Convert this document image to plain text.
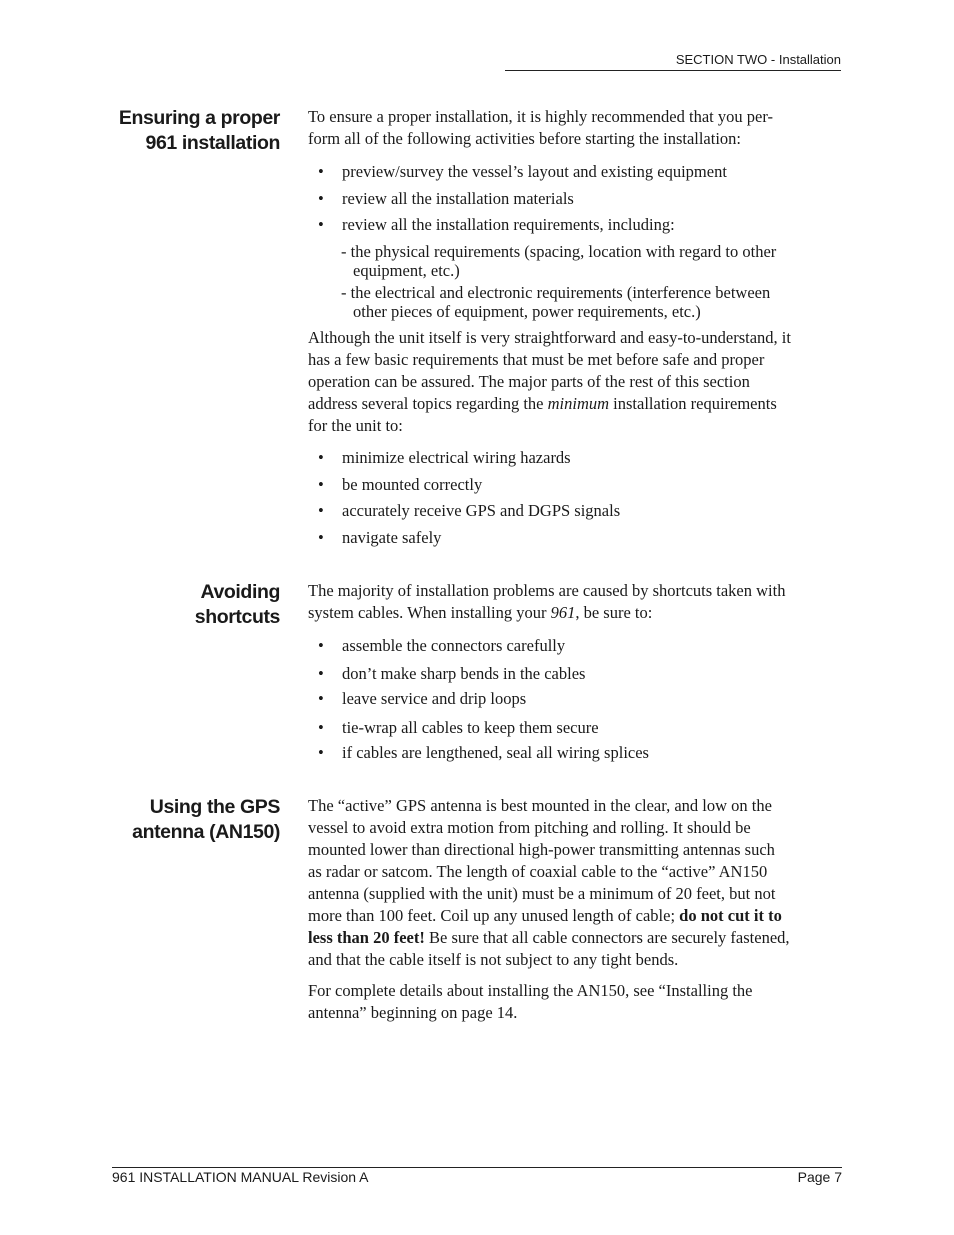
SECTION TWO - Installation
Ensuring a proper
961 installation

To ensure a proper installation, it is highly recommended that you per-
form all of the following activities before starting the installation:

• preview/survey the vessel’s layout and existing equipment
• review all the installation materials
• review all the installation requirements, including:
- the physical requirements (spacing, location with regard to other
equipment, etc.)
- the electrical and electronic requirements (interference between
other pieces of equipment, power requirements, etc.)

Although the unit itself is very straightforward and easy-to-understand, it
has a few basic requirements that must be met before safe and proper
operation can be assured. The major parts of the rest of this section
address several topics regarding the minimum installation requirements
for the unit to:

• minimize electrical wiring hazards
• be mounted correctly
• accurately receive GPS and DGPS signals
• navigate safely
Avoiding
shortcuts

The majority of installation problems are caused by shortcuts taken with
system cables. When installing your 961, be sure to:

• assemble the connectors carefully
• don’t make sharp bends in the cables
• leave service and drip loops
• tie-wrap all cables to keep them secure
• if cables are lengthened, seal all wiring splices
Using the GPS
antenna (AN150)

The “active” GPS antenna is best mounted in the clear, and low on the
vessel to avoid extra motion from pitching and rolling. It should be
mounted lower than directional high-power transmitting antennas such
as radar or satcom. The length of coaxial cable to the “active” AN150
antenna (supplied with the unit) must be a minimum of 20 feet, but not
more than 100 feet. Coil up any unused length of cable; do not cut it to
less than 20 feet! Be sure that all cable connectors are securely fastened,
and that the cable itself is not subject to any tight bends.

For complete details about installing the AN150, see “Installing the
antenna” beginning on page 14.

961 INSTALLATION MANUAL Revision A	Page 7
